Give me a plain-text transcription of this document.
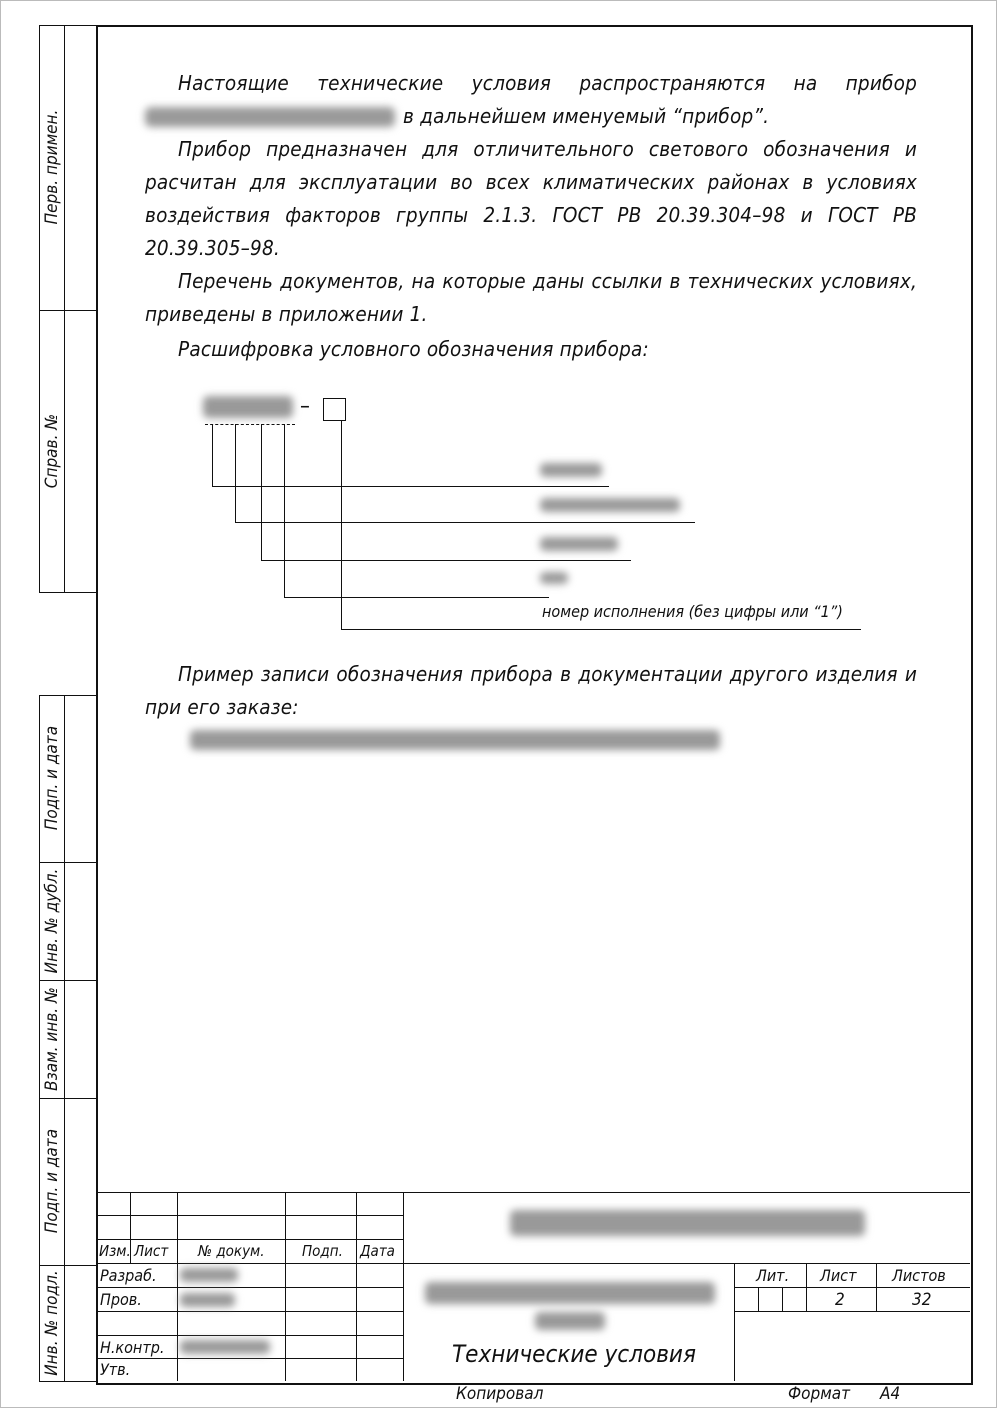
Перв. примен.
Справ. №
Подп. и дата
Инв. № дубл.
Взам. инв. №
Подп. и дата
Инв. № подл.
Настоящие технические условия распространяются на прибор
в дальнейшем именуемый “прибор”.
Прибор предназначен для отличительного светового обозначения и
расчитан для эксплуатации во всех климатических районах в условиях
воздействия факторов группы 2.1.3. ГОСТ РВ 20.39.304–98 и ГОСТ РВ
20.39.305–98.
Перечень документов, на которые даны ссылки в технических условиях,
приведены в приложении 1.
Расшифровка условного обозначения прибора:
–
номер исполнения (без цифры или “1”)
Пример записи обозначения прибора в документации другого изделия и
при его заказе:
Изм. Лист № докум. Подп. Дата
Разраб.
Пров.
Н.контр.
Утв.
Технические условия
Лит. Лист Листов
2	32
Копировал	Формат А4
